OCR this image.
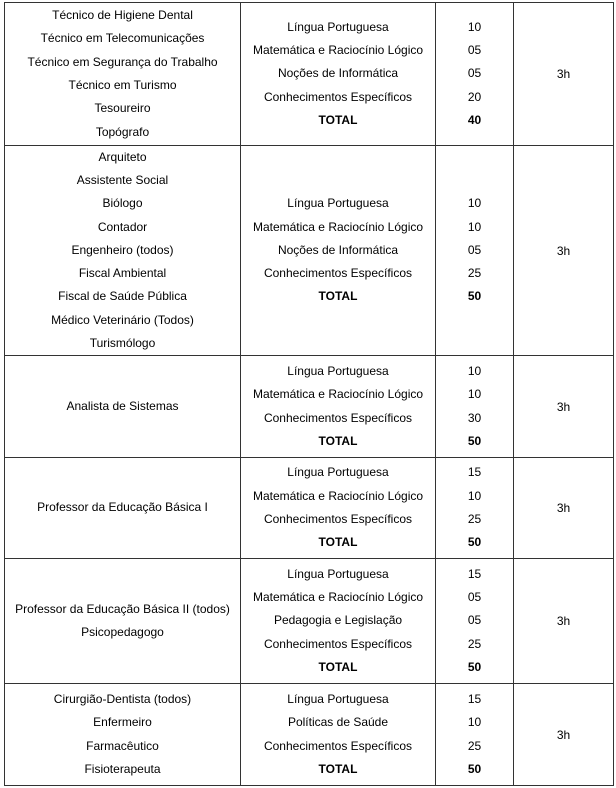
Técnico de Higiene Dental
Técnico em Telecomunicações
Técnico em Segurança do Trabalho
Técnico em Turismo
Tesoureiro
Topógrafo
Língua Portuguesa
Matemática e Raciocínio Lógico
Noções de Informática
Conhecimentos Específicos
TOTAL
10
05
05
20
40
3h
Arquiteto
Assistente Social
Biólogo
Contador
Engenheiro (todos)
Fiscal Ambiental
Fiscal de Saúde Pública
Médico Veterinário (Todos)
Turismólogo
Língua Portuguesa
Matemática e Raciocínio Lógico
Noções de Informática
Conhecimentos Específicos
TOTAL
10
10
05
25
50
3h
Analista de Sistemas
Língua Portuguesa
Matemática e Raciocínio Lógico
Conhecimentos Específicos
TOTAL
10
10
30
50
3h
Professor da Educação Básica I
Língua Portuguesa
Matemática e Raciocínio Lógico
Conhecimentos Específicos
TOTAL
15
10
25
50
3h
Professor da Educação Básica II (todos)
Psicopedagogo
Língua Portuguesa
Matemática e Raciocínio Lógico
Pedagogia e Legislação
Conhecimentos Específicos
TOTAL
15
05
05
25
50
3h
Cirurgião-Dentista (todos)
Enfermeiro
Farmacêutico
Fisioterapeuta
Língua Portuguesa
Políticas de Saúde
Conhecimentos Específicos
TOTAL
15
10
25
50
3h
